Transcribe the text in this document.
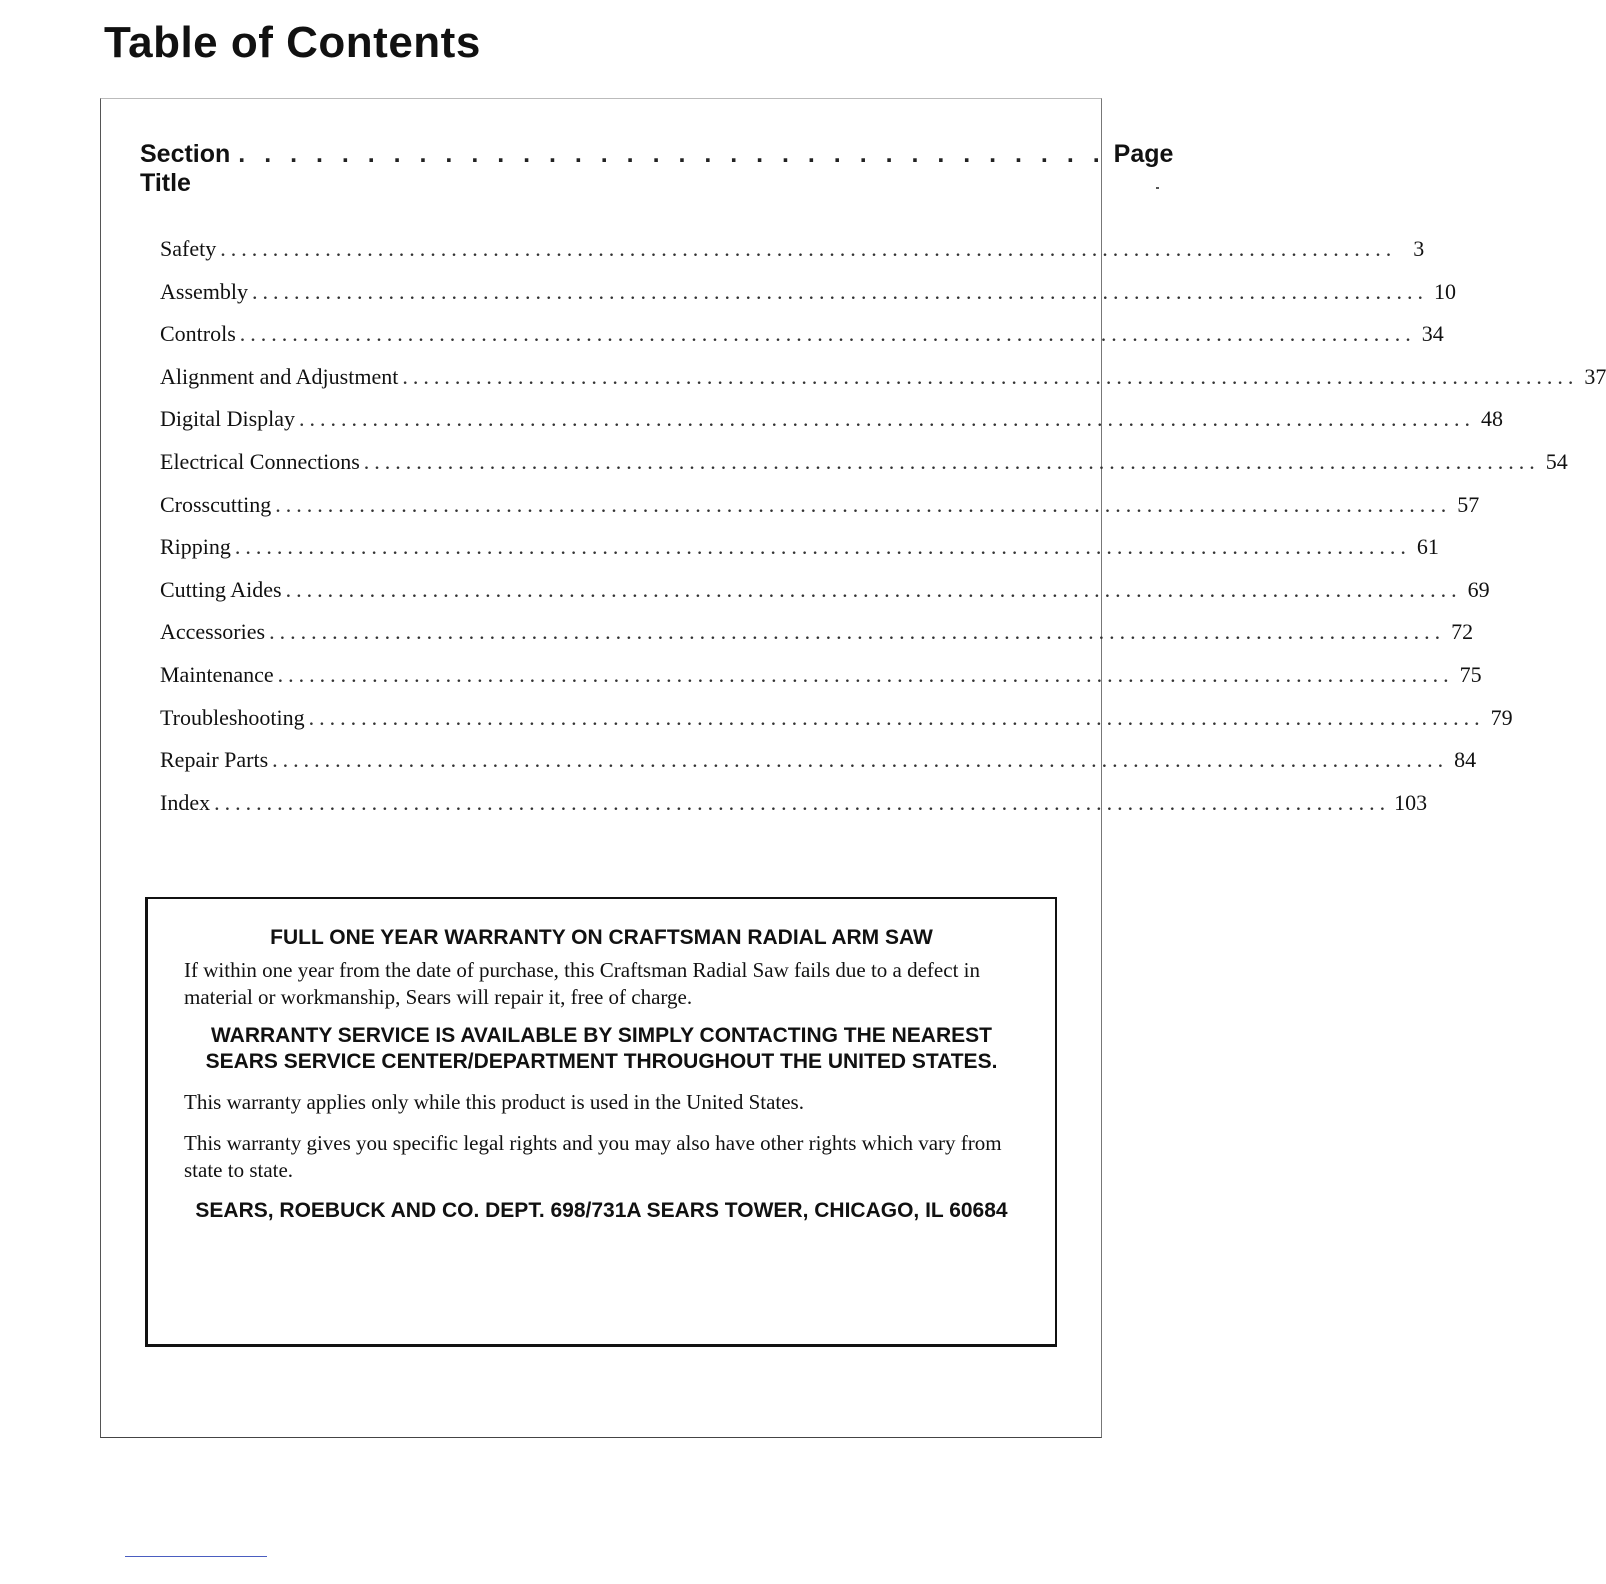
Table of Contents
Section Title
. . . . . . . . . . . . . . . . . . . . . . . . . . . . . . . . . . Page
Safety ................................................................................................................ 3
Assembly ................................................................................................................ 10
Controls ................................................................................................................ 34
Alignment and Adjustment ................................................................................................................ 37
Digital Display ................................................................................................................ 48
Electrical Connections ................................................................................................................ 54
Crosscutting ................................................................................................................ 57
Ripping ................................................................................................................ 61
Cutting Aides ................................................................................................................ 69
Accessories ................................................................................................................ 72
Maintenance ................................................................................................................ 75
Troubleshooting ................................................................................................................ 79
Repair Parts ................................................................................................................ 84
Index ................................................................................................................ 103

FULL ONE YEAR WARRANTY ON CRAFTSMAN RADIAL ARM SAW

If within one year from the date of purchase, this Craftsman Radial Saw fails due to a defect in material or workmanship, Sears will repair it, free of charge.

WARRANTY SERVICE IS AVAILABLE BY SIMPLY CONTACTING THE NEAREST SEARS SERVICE CENTER/DEPARTMENT THROUGHOUT THE UNITED STATES.

This warranty applies only while this product is used in the United States.

This warranty gives you specific legal rights and you may also have other rights which vary from state to state.

SEARS, ROEBUCK AND CO. DEPT. 698/731A SEARS TOWER, CHICAGO, IL 60684
